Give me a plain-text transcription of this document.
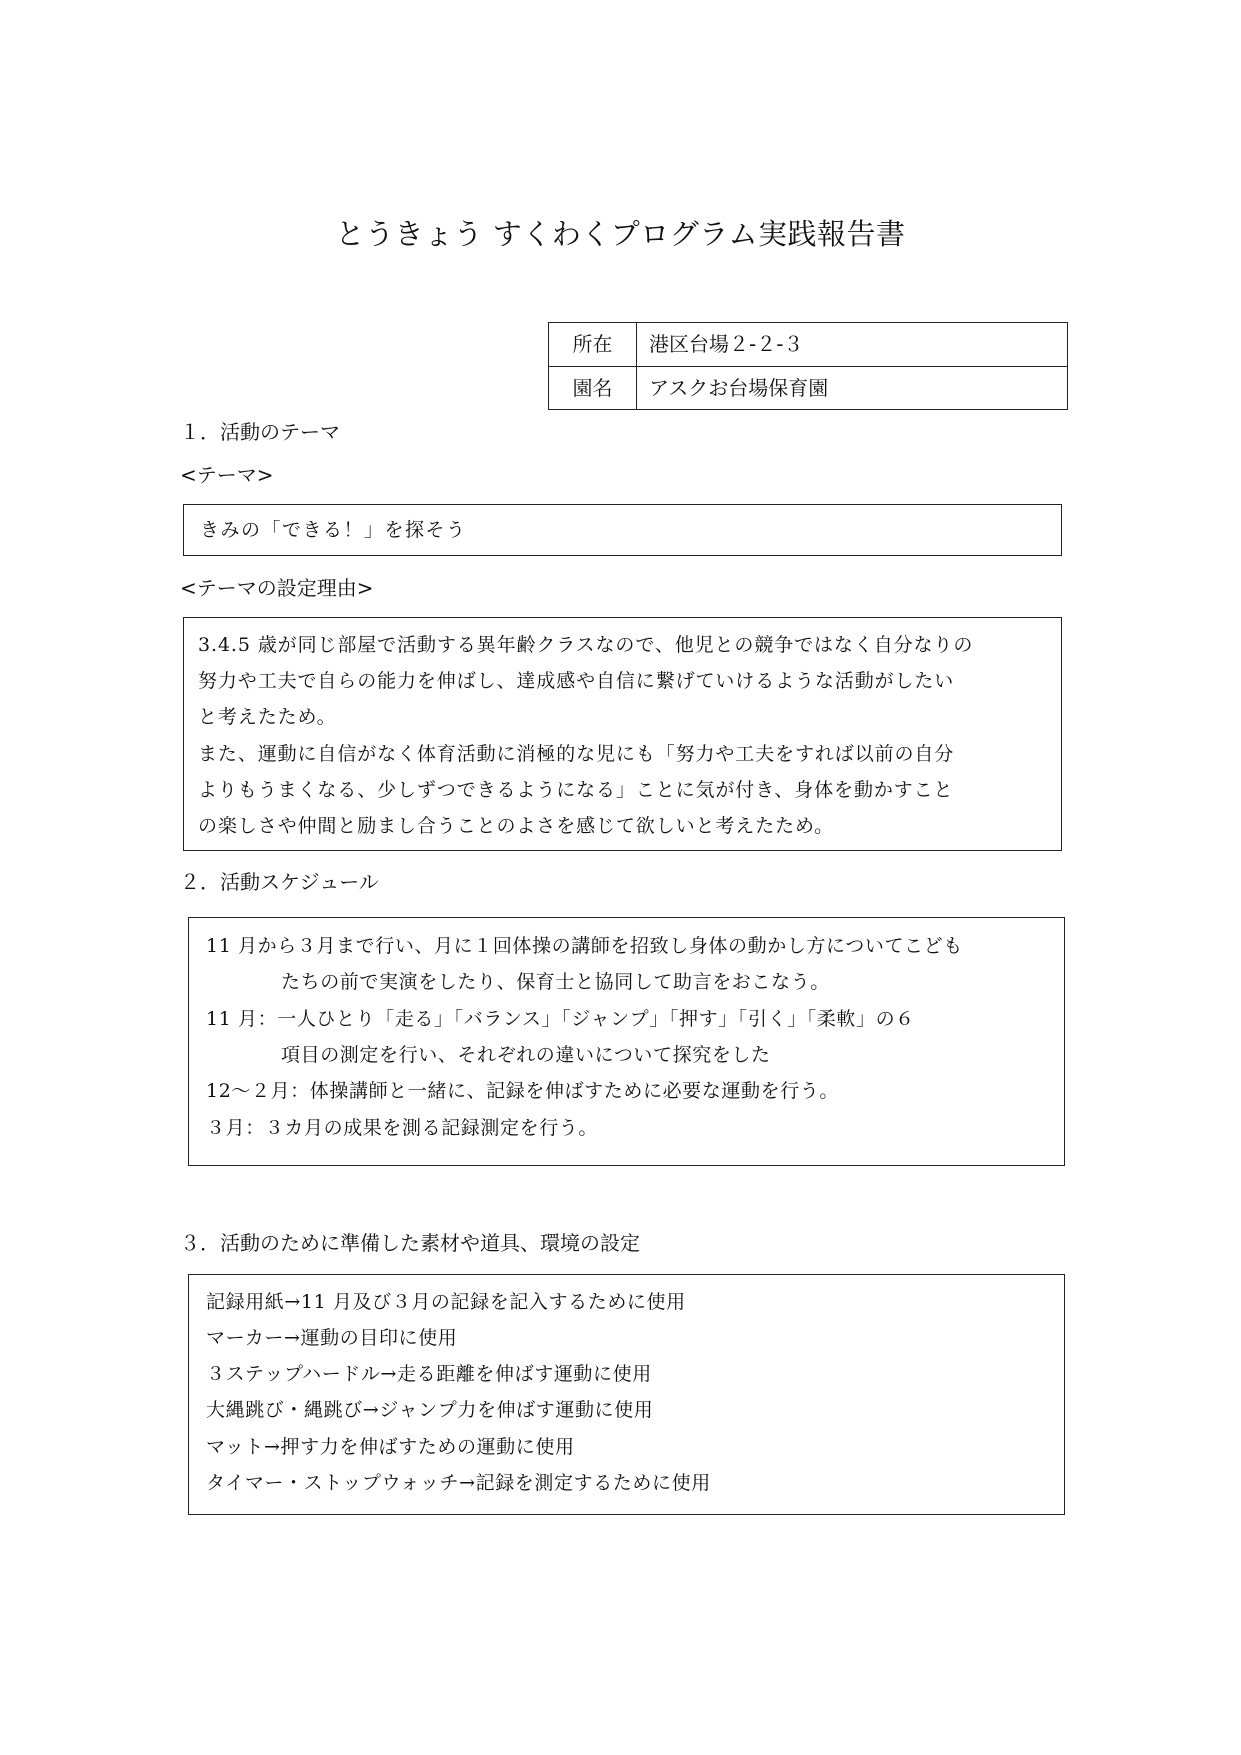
とうきょう すくわくプログラム実践報告書
所在	港区台場２-２-３
園名	アスクお台場保育園
１．活動のテーマ
<テーマ>
きみの「できる！」を探そう
<テーマの設定理由>
3.4.5 歳が同じ部屋で活動する異年齢クラスなので、他児との競争ではなく自分なりの
努力や工夫で自らの能力を伸ばし、達成感や自信に繋げていけるような活動がしたい
と考えたため。
また、運動に自信がなく体育活動に消極的な児にも「努力や工夫をすれば以前の自分
よりもうまくなる、少しずつできるようになる」ことに気が付き、身体を動かすこと
の楽しさや仲間と励まし合うことのよさを感じて欲しいと考えたため。
２．活動スケジュール
11 月から３月まで行い、月に１回体操の講師を招致し身体の動かし方についてこども
たちの前で実演をしたり、保育士と協同して助言をおこなう。
11 月：一人ひとり「走る」「バランス」「ジャンプ」「押す」「引く」「柔軟」の６
項目の測定を行い、それぞれの違いについて探究をした
12～２月：体操講師と一緒に、記録を伸ばすために必要な運動を行う。
３月：３カ月の成果を測る記録測定を行う。
３．活動のために準備した素材や道具、環境の設定
記録用紙→11 月及び３月の記録を記入するために使用
マーカー→運動の目印に使用
３ステップハードル→走る距離を伸ばす運動に使用
大縄跳び・縄跳び→ジャンプ力を伸ばす運動に使用
マット→押す力を伸ばすための運動に使用
タイマー・ストップウォッチ→記録を測定するために使用
